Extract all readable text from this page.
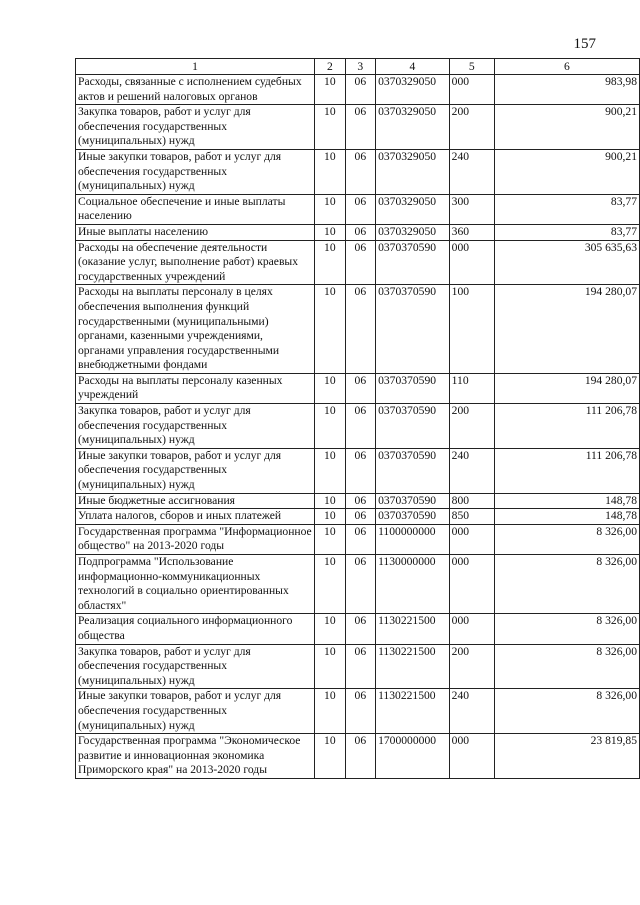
157
1	2	3	4	5	6
Расходы, связанные с исполнением судебных актов и решений налоговых органов	10	06	0370329050	000	983,98
Закупка товаров, работ и услуг для обеспечения государственных (муниципальных) нужд	10	06	0370329050	200	900,21
Иные закупки товаров, работ и услуг для обеспечения государственных (муниципальных) нужд	10	06	0370329050	240	900,21
Социальное обеспечение и иные выплаты населению	10	06	0370329050	300	83,77
Иные выплаты населению	10	06	0370329050	360	83,77
Расходы на обеспечение деятельности (оказание услуг, выполнение работ) краевых государственных учреждений	10	06	0370370590	000	305 635,63
Расходы на выплаты персоналу в целях обеспечения выполнения функций государственными (муниципальными) органами, казенными учреждениями, органами управления государственными внебюджетными фондами	10	06	0370370590	100	194 280,07
Расходы на выплаты персоналу казенных учреждений	10	06	0370370590	110	194 280,07
Закупка товаров, работ и услуг для обеспечения государственных (муниципальных) нужд	10	06	0370370590	200	111 206,78
Иные закупки товаров, работ и услуг для обеспечения государственных (муниципальных) нужд	10	06	0370370590	240	111 206,78
Иные бюджетные ассигнования	10	06	0370370590	800	148,78
Уплата налогов, сборов и иных платежей	10	06	0370370590	850	148,78
Государственная программа "Информационное общество" на 2013-2020 годы	10	06	1100000000	000	8 326,00
Подпрограмма "Использование информационно-коммуникационных технологий в социально ориентированных областях"	10	06	1130000000	000	8 326,00
Реализация социального информационного общества	10	06	1130221500	000	8 326,00
Закупка товаров, работ и услуг для обеспечения государственных (муниципальных) нужд	10	06	1130221500	200	8 326,00
Иные закупки товаров, работ и услуг для обеспечения государственных (муниципальных) нужд	10	06	1130221500	240	8 326,00
Государственная программа "Экономическое развитие и инновационная экономика Приморского края" на 2013-2020 годы	10	06	1700000000	000	23 819,85
